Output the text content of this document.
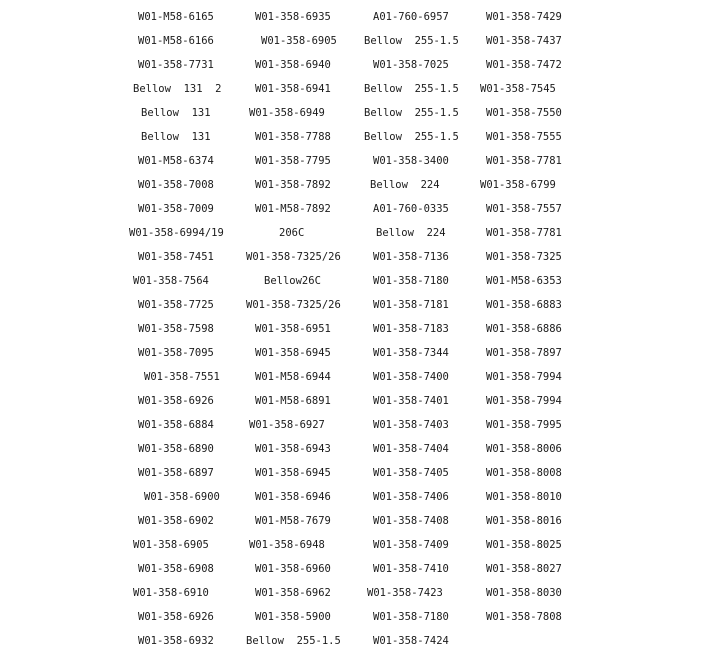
W01-M58-6165	W01-358-6935	A01-760-6957	W01-358-7429
W01-M58-6166	W01-358-6905	Bellow  255-1.5	W01-358-7437
W01-358-7731	W01-358-6940	W01-358-7025	W01-358-7472
Bellow  131  2	W01-358-6941	Bellow  255-1.5 W01-358-7545
Bellow  131	W01-358-6949	Bellow  255-1.5	W01-358-7550
Bellow  131	W01-358-7788	Bellow  255-1.5	W01-358-7555
W01-M58-6374	W01-358-7795	W01-358-3400	W01-358-7781
W01-358-7008	W01-358-7892	Bellow  224	W01-358-6799
W01-358-7009	W01-M58-7892	A01-760-0335	W01-358-7557
W01-358-6994/19	206C	Bellow  224	W01-358-7781
W01-358-7451	W01-358-7325/26	W01-358-7136	W01-358-7325
W01-358-7564	Bellow26C	W01-358-7180	W01-M58-6353
W01-358-7725	W01-358-7325/26	W01-358-7181	W01-358-6883
W01-358-7598	W01-358-6951	W01-358-7183	W01-358-6886
W01-358-7095	W01-358-6945	W01-358-7344	W01-358-7897
W01-358-7551	W01-M58-6944	W01-358-7400	W01-358-7994
W01-358-6926	W01-M58-6891	W01-358-7401	W01-358-7994
W01-358-6884	W01-358-6927	W01-358-7403	W01-358-7995
W01-358-6890	W01-358-6943	W01-358-7404	W01-358-8006
W01-358-6897	W01-358-6945	W01-358-7405	W01-358-8008
W01-358-6900	W01-358-6946	W01-358-7406	W01-358-8010
W01-358-6902	W01-M58-7679	W01-358-7408	W01-358-8016
W01-358-6905	W01-358-6948	W01-358-7409	W01-358-8025
W01-358-6908	W01-358-6960	W01-358-7410	W01-358-8027
W01-358-6910	W01-358-6962	W01-358-7423	W01-358-8030
W01-358-6926	W01-358-5900	W01-358-7180	W01-358-7808
W01-358-6932	Bellow  255-1.5	W01-358-7424
